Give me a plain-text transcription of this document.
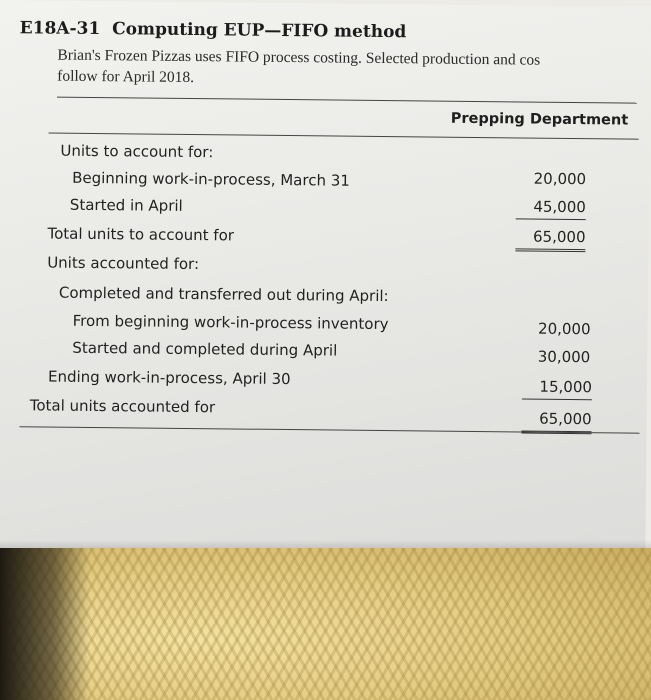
E18A-31 Computing EUP—FIFO method
Brian's Frozen Pizzas uses FIFO process costing. Selected production and cos
follow for April 2018.
Prepping Department
Units to account for:
Beginning work-in-process, March 31
Started in April
Total units to account for
Units accounted for:
Completed and transferred out during April:
From beginning work-in-process inventory
Started and completed during April
Ending work-in-process, April 30
Total units accounted for
20,000
45,000
65,000
20,000
30,000
15,000
65,000
